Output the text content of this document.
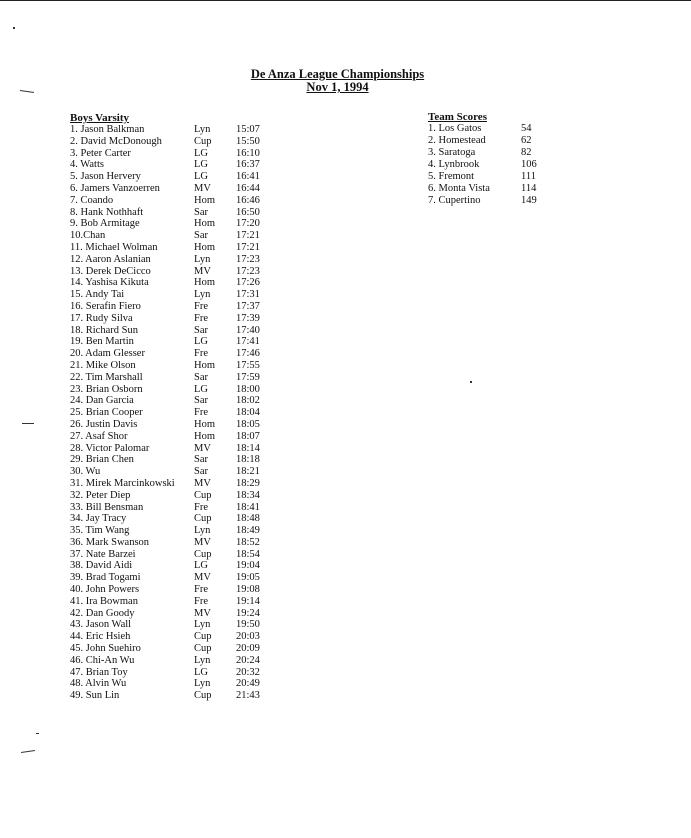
De Anza League Championships
Nov 1, 1994
Boys Varsity
1. Jason Balkman	Lyn 15:07
2. David McDonough	Cup 15:50
3. Peter Carter	LG	16:10
4. Watts	LG	16:37
5. Jason Hervery	LG	16:41
6. Jamers Vanzoerren	MV 16:44
7. Coando	Hom 16:46
8. Hank Nothhaft	Sar	16:50
9. Bob Armitage	Hom 17:20
10.Chan	Sar	17:21
11. Michael Wolman	Hom 17:21
12. Aaron Aslanian	Lyn 17:23
13. Derek DeCicco	MV 17:23
14. Yashisa Kikuta	Hom 17:26
15. Andy Tai	Lyn 17:31
16. Serafin Fiero	Fre	17:37
17. Rudy Silva	Fre	17:39
18. Richard Sun	Sar	17:40
19. Ben Martin	LG	17:41
20. Adam Glesser	Fre	17:46
21. Mike Olson	Hom 17:55
22. Tim Marshall	Sar	17:59
23. Brian Osborn	LG	18:00
24. Dan Garcia	Sar	18:02
25. Brian Cooper	Fre	18:04
26. Justin Davis	Hom 18:05
27. Asaf Shor	Hom 18:07
28. Victor Palomar	MV 18:14
29. Brian Chen	Sar	18:18
30. Wu	Sar	18:21
31. Mirek Marcinkowski MV 18:29
32. Peter Diep	Cup 18:34
33. Bill Bensman	Fre	18:41
34. Jay Tracy	Cup 18:48
35. Tim Wang	Lyn 18:49
36. Mark Swanson	MV 18:52
37. Nate Barzei	Cup 18:54
38. David Aidi	LG	19:04
39. Brad Togami	MV 19:05
40. John Powers	Fre	19:08
41. Ira Bowman	Fre	19:14
42. Dan Goody	MV 19:24
43. Jason Wall	Lyn 19:50
44. Eric Hsieh	Cup 20:03
45. John Suehiro	Cup 20:09
46. Chi-An Wu	Lyn 20:24
47. Brian Toy	LG	20:32
48. Alvin Wu	Lyn 20:49
49. Sun Lin	Cup 21:43
Team Scores
1. Los Gatos	54
2. Homestead	62
3. Saratoga	82
4. Lynbrook	106
5. Fremont	111
6. Monta Vista	114
7. Cupertino	149
